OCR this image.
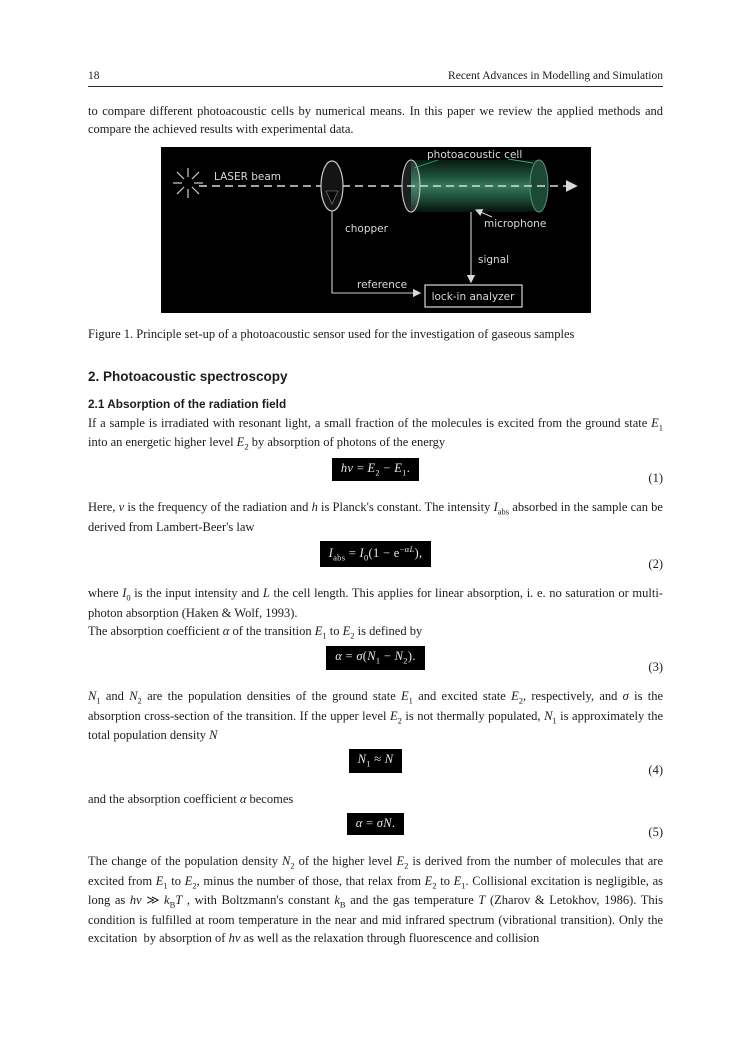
18	Recent Advances in Modelling and Simulation

to compare different photoacoustic cells by numerical means. In this paper we review the applied methods and compare the achieved results with experimental data.

photoacoustic cell
LASER beam
chopper	microphone
signal
reference
lock-in analyzer
Figure 1. Principle set-up of a photoacoustic sensor used for the investigation of gaseous samples
2. Photoacoustic spectroscopy
2.1 Absorption of the radiation field

If a sample is irradiated with resonant light, a small fraction of the molecules is excited from the ground state $E_1$ into an energetic higher level $E_2$ by absorption of photons of the energy

$h\nu = E_2 - E_1$.
(1)

Here, ν is the frequency of the radiation and h is Planck's constant. The intensity $I_{abs}$ absorbed in the sample can be derived from Lambert-Beer's law

$I_{abs} = I_0(1 - e^{-\alpha L})$,
(2)

where $I_0$ is the input intensity and L the cell length. This applies for linear absorption, i. e. no saturation or multi-photon absorption (Haken & Wolf, 1993).

The absorption coefficient α of the transition $E_1$ to $E_2$ is defined by

$\alpha = \sigma(N_1 - N_2)$.
(3)

$N_1$ and $N_2$ are the population densities of the ground state $E_1$ and excited state $E_2$, respectively, and σ is the absorption cross-section of the transition. If the upper level $E_2$ is not thermally populated, $N_1$ is approximately the total population density N

$N_1 \approx N$
(4)

and the absorption coefficient α becomes

α = σN.
(5)

The change of the population density $N_2$ of the higher level $E_2$ is derived from the number of molecules that are excited from $E_1$ to $E_2$, minus the number of those, that relax from $E_2$ to $E_1$. Collisional excitation is negligible, as long as hν ≫ $k_BT$ , with Boltzmann's constant $k_B$ and the gas temperature T (Zharov & Letokhov, 1986). This condition is fulfilled at room temperature in the near and mid infrared spectrum (vibrational transition). Only the excitation  by absorption of hν as well as the relaxation through fluorescence and collision
